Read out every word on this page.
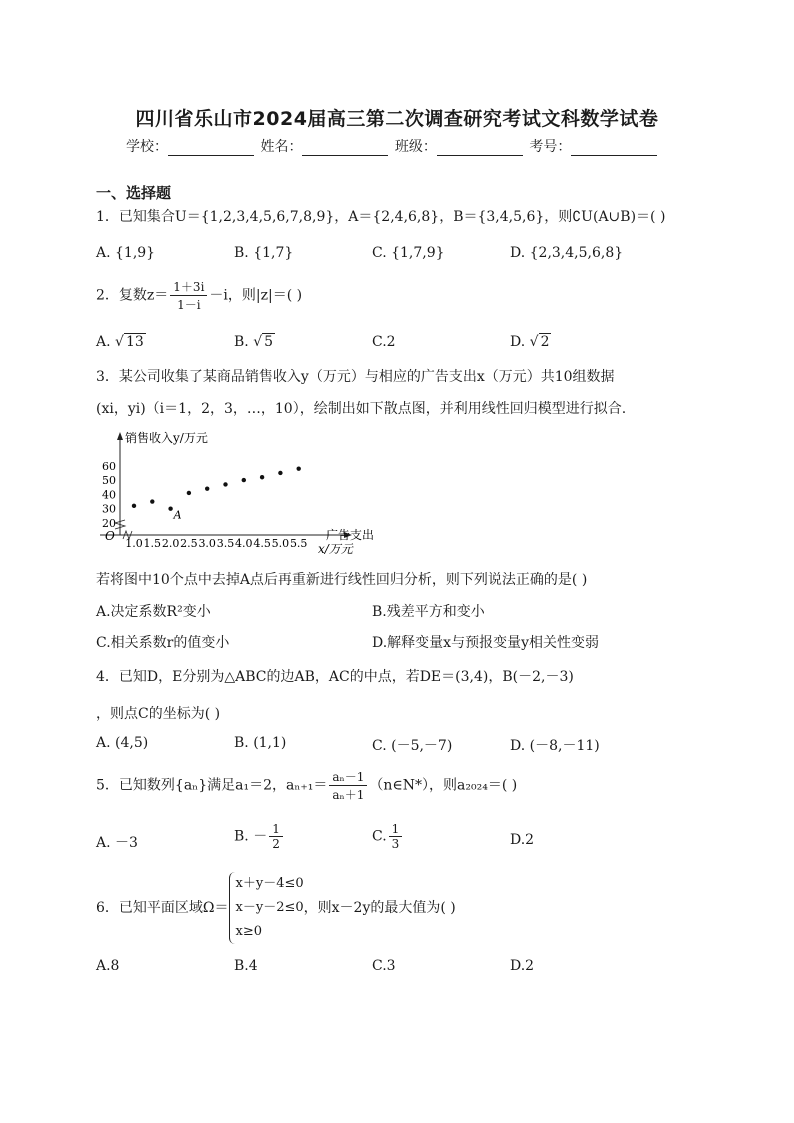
四川省乐山市2024届高三第二次调查研究考试文科数学试卷
学校：	姓名：	班级：	考号：
一、选择题
1．已知集合U＝{1,2,3,4,5,6,7,8,9}，A＝{2,4,6,8}，B＝{3,4,5,6}，则∁U(A∪B)＝( )
A. {1,9}	B. {1,7}	C. {1,7,9}	D. {2,3,4,5,6,8}
2．复数$z= \frac{1+3i}{1-i} -i$，则|z|＝( )
A. √ 13	B. √ 5	C.2	D. √ 2
3．某公司收集了某商品销售收入y（万元）与相应的广告支出x（万元）共10组数据
(xi，yi)（i＝1，2，3，…，10），绘制出如下散点图，并利用线性回归模型进行拟合.
销售收入y/万元
广告支出
x/万元
O
20
30
40
50
60
1.0 1.5 2.0 2.5 3.0 3.5 4.0 4.5 5.0 5.5
A
若将图中10个点中去掉A点后再重新进行线性回归分析，则下列说法正确的是( )
A.决定系数R²变小	B.残差平方和变小
C.相关系数r的值变小	D.解释变量x与预报变量y相关性变弱
4．已知D，E分别为△ABC的边AB，AC的中点，若DE＝(3,4)，B(－2,－3)
，则点C的坐标为( )
A. (4,5)	B. (1,1)	C. (－5,－7)	D. (－8,－11)
5．已知数列{aₙ}满足a₁＝2，$a_{n+1}= \frac{\text{aₙ－1}}{\text{aₙ＋1}}$ （n∈N*），则a₂₀₂₄＝( )
A. －3	B. － $\frac{1}{2}$	C. $\frac{1}{3}$	D.2
6．已知平面区域Ω＝
x＋y－4≤0
x－y－2≤0
x≥0
，则x－2y的最大值为( )
A.8	B.4	C.3	D.2
